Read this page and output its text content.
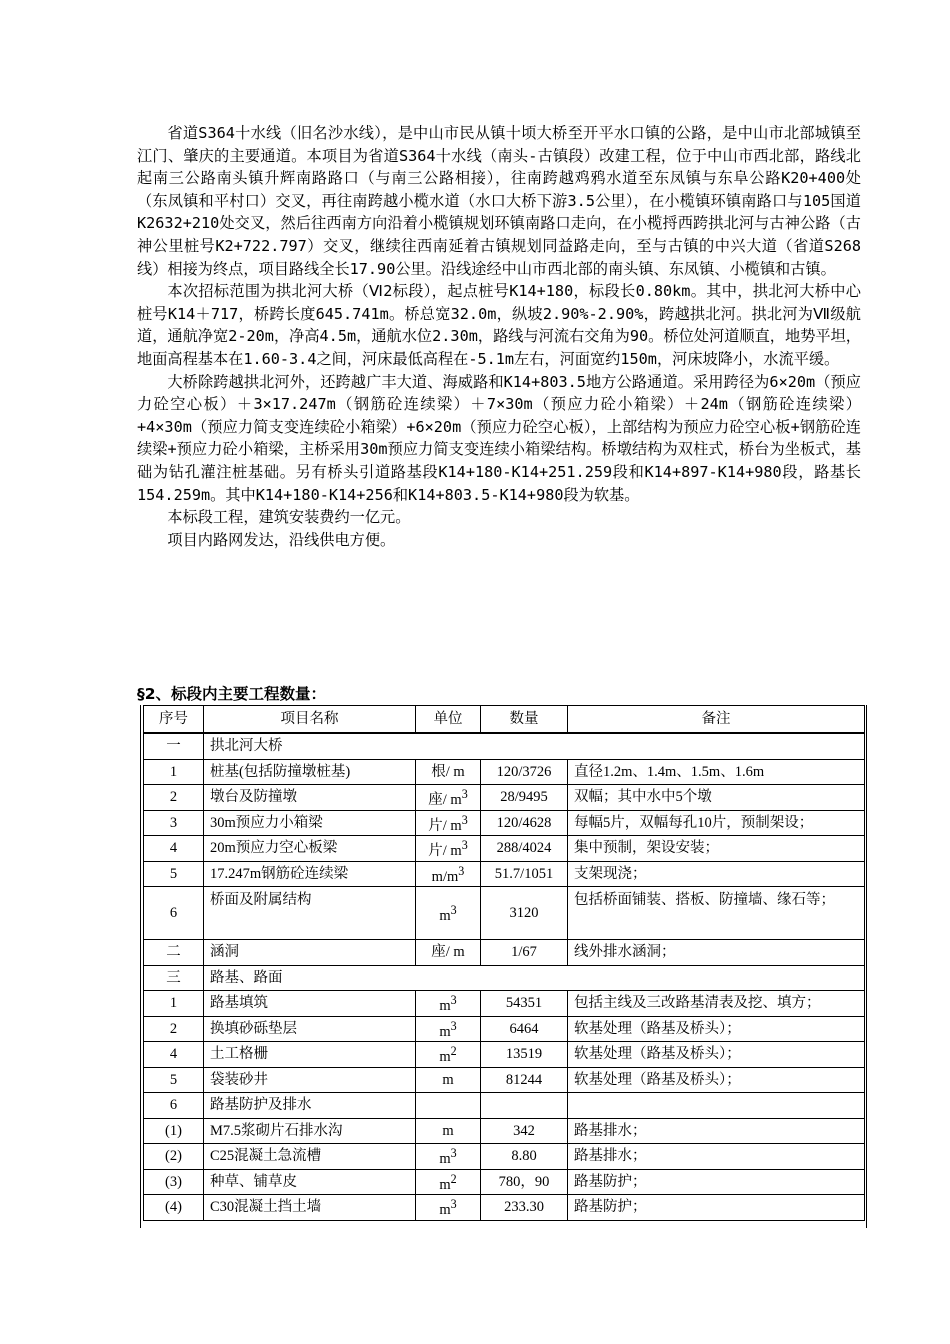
省道S364十水线（旧名沙水线），是中山市民从镇十顷大桥至开平水口镇的公路，是中山市北部城镇至江门、肇庆的主要通道。本项目为省道S364十水线（南头-古镇段）改建工程，位于中山市西北部，路线北起南三公路南头镇升辉南路路口（与南三公路相接），往南跨越鸡鸦水道至东凤镇与东阜公路K20+400处（东凤镇和平村口）交叉，再往南跨越小榄水道（水口大桥下游3.5公里），在小榄镇环镇南路口与105国道K2632+210处交叉，然后往西南方向沿着小榄镇规划环镇南路口走向，在小榄捋西跨拱北河与古神公路（古神公里桩号K2+722.797）交叉，继续往西南延着古镇规划同益路走向，至与古镇的中兴大道（省道S268线）相接为终点，项目路线全长17.90公里。沿线途经中山市西北部的南头镇、东凤镇、小榄镇和古镇。

本次招标范围为拱北河大桥（Ⅵ2标段），起点桩号K14+180，标段长0.80km。其中，拱北河大桥中心桩号K14＋717，桥跨长度645.741m。桥总宽32.0m，纵坡2.90%-2.90%，跨越拱北河。拱北河为Ⅶ级航道，通航净宽2-20m，净高4.5m，通航水位2.30m，路线与河流右交角为90。桥位处河道顺直，地势平坦，地面高程基本在1.60-3.4之间，河床最低高程在-5.1m左右，河面宽约150m，河床坡降小，水流平缓。

大桥除跨越拱北河外，还跨越广丰大道、海威路和K14+803.5地方公路通道。采用跨径为6×20m（预应力砼空心板）＋3×17.247m（钢筋砼连续梁）＋7×30m（预应力砼小箱梁）＋24m（钢筋砼连续梁）+4×30m（预应力简支变连续砼小箱梁）+6×20m（预应力砼空心板），上部结构为预应力砼空心板+钢筋砼连续梁+预应力砼小箱梁，主桥采用30m预应力简支变连续小箱梁结构。桥墩结构为双柱式，桥台为坐板式，基础为钻孔灌注桩基础。另有桥头引道路基段K14+180-K14+251.259段和K14+897-K14+980段，路基长154.259m。其中K14+180-K14+256和K14+803.5-K14+980段为软基。

本标段工程，建筑安装费约一亿元。

项目内路网发达，沿线供电方便。

§2、标段内主要工程数量：
序号	项目名称	单位	数量	备注
一	拱北河大桥			
1	桩基(包括防撞墩桩基)	根/ m	120/3726	直径1.2m、1.4m、1.5m、1.6m
2	墩台及防撞墩	座/ $m^3$	28/9495	双幅；其中水中5个墩
3	30m预应力小箱梁	片/ $m^3$	120/4628	每幅5片，双幅每孔10片，预制架设；
4	20m预应力空心板梁	片/ $m^3$	288/4024	集中预制，架设安装；
5	17.247m钢筋砼连续梁	$m/m^3$	51.7/1051	支架现浇；
6	桥面及附属结构	$m^3$	3120	包括桥面铺装、搭板、防撞墙、缘石等；
二	涵洞	座/ m	1/67	线外排水涵洞；
三	路基、路面			
1	路基填筑	$m^3$	54351	包括主线及三改路基清表及挖、填方；
2	换填砂砾垫层	$m^3$	6464	软基处理（路基及桥头）；
4	土工格栅	$m^2$	13519	软基处理（路基及桥头）；
5	袋装砂井	m	81244	软基处理（路基及桥头）；
6	路基防护及排水			
(1)	M7.5浆砌片石排水沟	m	342	路基排水；
(2)	C25混凝土急流槽	$m^3$	8.80	路基排水；
(3)	种草、铺草皮	$m^2$	780，90	路基防护；
(4)	C30混凝土挡土墙	$m^3$	233.30	路基防护；
